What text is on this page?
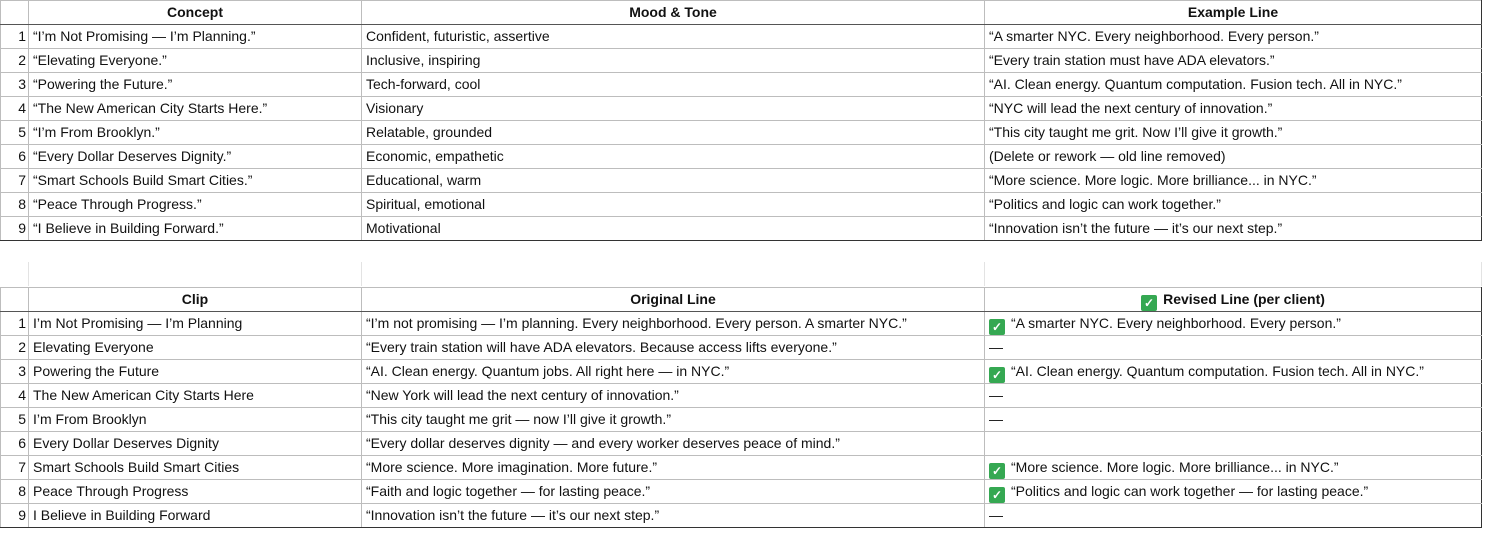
	Concept	Mood & Tone	Example Line
1	“I’m Not Promising — I’m Planning.”	Confident, futuristic, assertive	“A smarter NYC. Every neighborhood. Every person.”
2	“Elevating Everyone.”	Inclusive, inspiring	“Every train station must have ADA elevators.”
3	“Powering the Future.”	Tech-forward, cool	“AI. Clean energy. Quantum computation. Fusion tech. All in NYC.”
4	“The New American City Starts Here.”	Visionary	“NYC will lead the next century of innovation.”
5	“I’m From Brooklyn.”	Relatable, grounded	“This city taught me grit. Now I’ll give it growth.”
6	“Every Dollar Deserves Dignity.”	Economic, empathetic	(Delete or rework — old line removed)
7	“Smart Schools Build Smart Cities.”	Educational, warm	“More science. More logic. More brilliance... in NYC.”
8	“Peace Through Progress.”	Spiritual, emotional	“Politics and logic can work together.”
9	“I Believe in Building Forward.”	Motivational	“Innovation isn’t the future — it’s our next step.”
	Clip	Original Line	✓ Revised Line (per client)
1	I’m Not Promising — I’m Planning	“I’m not promising — I’m planning. Every neighborhood. Every person. A smarter NYC.”	✓ “A smarter NYC. Every neighborhood. Every person.”
2	Elevating Everyone	“Every train station will have ADA elevators. Because access lifts everyone.”	—
3	Powering the Future	“AI. Clean energy. Quantum jobs. All right here — in NYC.”	✓ “AI. Clean energy. Quantum computation. Fusion tech. All in NYC.”
4	The New American City Starts Here	“New York will lead the next century of innovation.”	—
5	I’m From Brooklyn	“This city taught me grit — now I’ll give it growth.”	—
6	Every Dollar Deserves Dignity	“Every dollar deserves dignity — and every worker deserves peace of mind.”	
7	Smart Schools Build Smart Cities	“More science. More imagination. More future.”	✓ “More science. More logic. More brilliance... in NYC.”
8	Peace Through Progress	“Faith and logic together — for lasting peace.”	✓ “Politics and logic can work together — for lasting peace.”
9	I Believe in Building Forward	“Innovation isn’t the future — it’s our next step.”	—
